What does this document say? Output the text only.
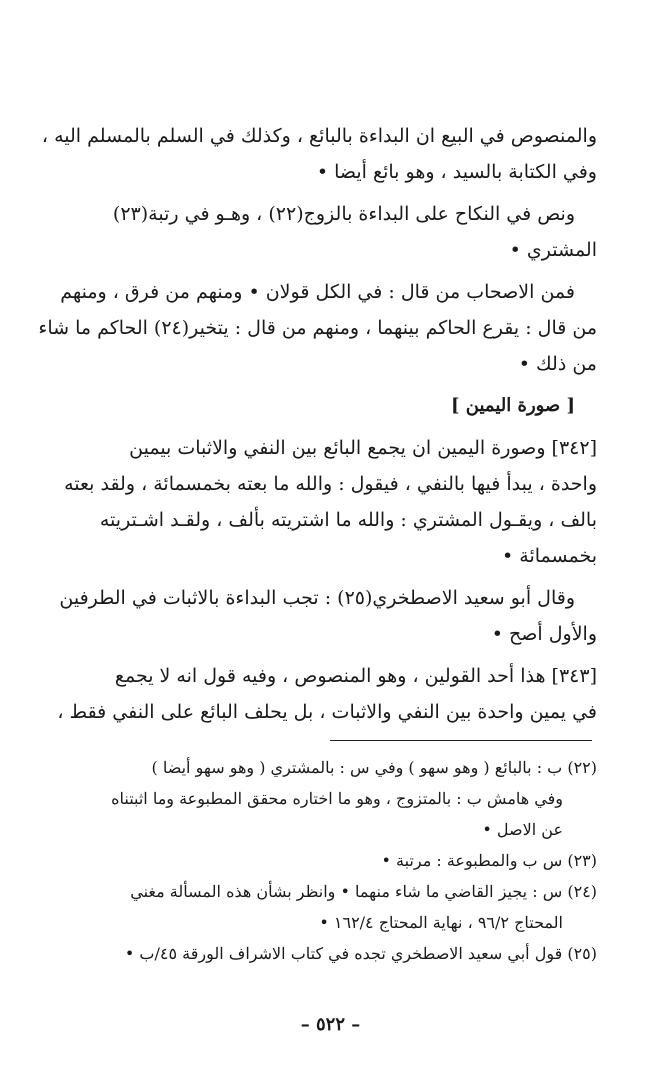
والمنصوص في البيع ان البداءة بالبائع ، وكذلك في السلم بالمسلم اليه ،
وفي الكتابة بالسيد ، وهو بائع أيضا •
ونص في النكاح على البداءة بالزوج(٢٢) ، وهـو في رتبة(٢٣)
المشتري •
فمن الاصحاب من قال : في الكل قولان • ومنهم من فرق ، ومنهم
من قال : يقرع الحاكم بينهما ، ومنهم من قال : يتخير(٢٤) الحاكم ما شاء
من ذلك •
[ صورة اليمين ]
[٣٤٢] وصورة اليمين ان يجمع البائع بين النفي والاثبات بيمين
واحدة ، يبدأ فيها بالنفي ، فيقول : والله ما بعته بخمسمائة ، ولقد بعته
بالف ، ويقـول المشتري : والله ما اشتريته بألف ، ولقـد اشـتريته
بخمسمائة •
وقال أبو سعيد الاصطخري(٢٥) : تجب البداءة بالاثبات في الطرفين
والأول أصح •
[٣٤٣] هذا أحد القولين ، وهو المنصوص ، وفيه قول انه لا يجمع
في يمين واحدة بين النفي والاثبات ، بل يحلف البائع على النفي فقط ،
(٢٢) ب : بالبائع ( وهو سهو ) وفي س : بالمشتري ( وهو سهو أيضا )
وفي هامش ب : بالمتزوج ، وهو ما اختاره محقق المطبوعة وما اثبتناه
عن الاصل •
(٢٣) س ب والمطبوعة : مرتبة •
(٢٤) س : يجيز القاضي ما شاء منهما • وانظر بشأن هذه المسألة مغني
المحتاج ٩٦/٢ ، نهاية المحتاج ١٦٢/٤ •
(٢٥) قول أبي سعيد الاصطخري تجده في كتاب الاشراف الورقة ٤٥/ب •
– ٥٢٢ –
